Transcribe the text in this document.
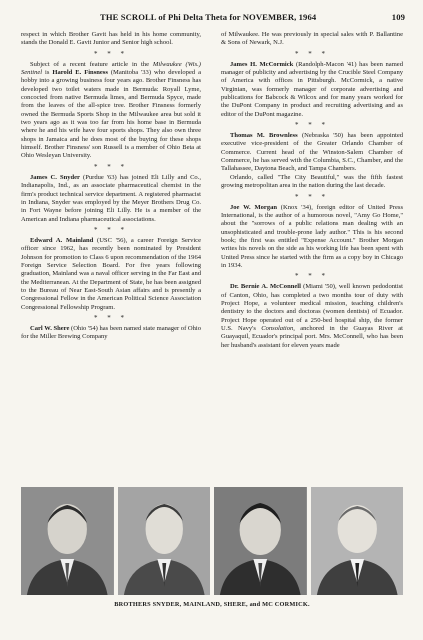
THE SCROLL of Phi Delta Theta for NOVEMBER, 1964	109

respect in which Brother Gavit has held in his home community, stands the Donald E. Gavit Junior and Senior high school.

* * *

Subject of a recent feature article in the Milwaukee (Wis.) Sentinel is Harold E. Finsness (Manitoba '33) who developed a hobby into a growing business four years ago. Brother Finsness has developed two toilet waters made in Bermuda: Royall Lyme, concocted from native Bermuda limes, and Bermuda Spyce, made from the leaves of the all-spice tree. Brother Finsness formerly owned the Bermuda Sports Shop in the Milwaukee area but sold it two years ago as it was too far from his home base in Bermuda where he and his wife have four sports shops. They also own three shops in Jamaica and he does most of the buying for these shops himself. Brother Finsness' son Russell is a member of Ohio Beta at Ohio Wesleyan University.

* * *

James C. Snyder (Purdue '63) has joined Eli Lilly and Co., Indianapolis, Ind., as an associate pharmaceutical chemist in the firm's product technical service department. A registered pharmacist in Indiana, Snyder was employed by the Meyer Brothers Drug Co. in Fort Wayne before joining Eli Lilly. He is a member of the American and Indiana pharmaceutical associations.

* * *

Edward A. Mainland (USC '56), a career Foreign Service officer since 1962, has recently been nominated by President Johnson for promotion to Class 6 upon recommendation of the 1964 Foreign Service Selection Board. For five years following graduation, Mainland was a naval officer serving in the Far East and the Mediterranean. At the Department of State, he has been assigned to the Bureau of Near East-South Asian affairs and is presently a Congressional Fellow in the American Political Science Association Congressional Fellowship Program.

* * *

Carl W. Shere (Ohio '54) has been named state manager of Ohio for the Miller Brewing Company

of Milwaukee. He was previously in special sales with P. Ballantine & Sons of Newark, N.J.

* * *

James H. McCormick (Randolph-Macon '41) has been named manager of publicity and advertising by the Crucible Steel Company of America with offices in Pittsburgh. McCormick, a native Virginian, was formerly manager of corporate advertising and publications for Babcock & Wilcox and for many years worked for the DuPont Company in product and recruiting advertising and as editor of the DuPont magazine.

* * *

Thomas M. Brownless (Nebraska '50) has been appointed executive vice-president of the Greater Orlando Chamber of Commerce. Current head of the Winston-Salem Chamber of Commerce, he has served with the Columbia, S.C., Chamber, and the Tallahassee, Daytona Beach, and Tampa Chambers.

Orlando, called "The City Beautiful," was the fifth fastest growing metropolitan area in the nation during the last decade.

* * *

Joe W. Morgan (Knox '34), foreign editor of United Press International, is the author of a humorous novel, "Amy Go Home," about the "sorrows of a public relations man dealing with an unsophisticated and trouble-prone lady author." This is his second book; the first was entitled "Expense Account." Brother Morgan writes his novels on the side as his working life has been spent with United Press since he started with the firm as a copy boy in Chicago in 1934.

* * *

Dr. Bernie A. McConnell (Miami '50), well known pedodontist of Canton, Ohio, has completed a two months tour of duty with Project Hope, a volunteer medical mission, teaching children's dentistry to the doctors and doctoras (women dentists) of Ecuador. Project Hope operated out of a 250-bed hospital ship, the former U.S. Navy's Consolation, anchored in the Guayas River at Guayaquil, Ecuador's principal port. Mrs. McConnell, who has been her husband's assistant for eleven years made

BROTHERS SNYDER, MAINLAND, SHERE, and MC CORMICK.
